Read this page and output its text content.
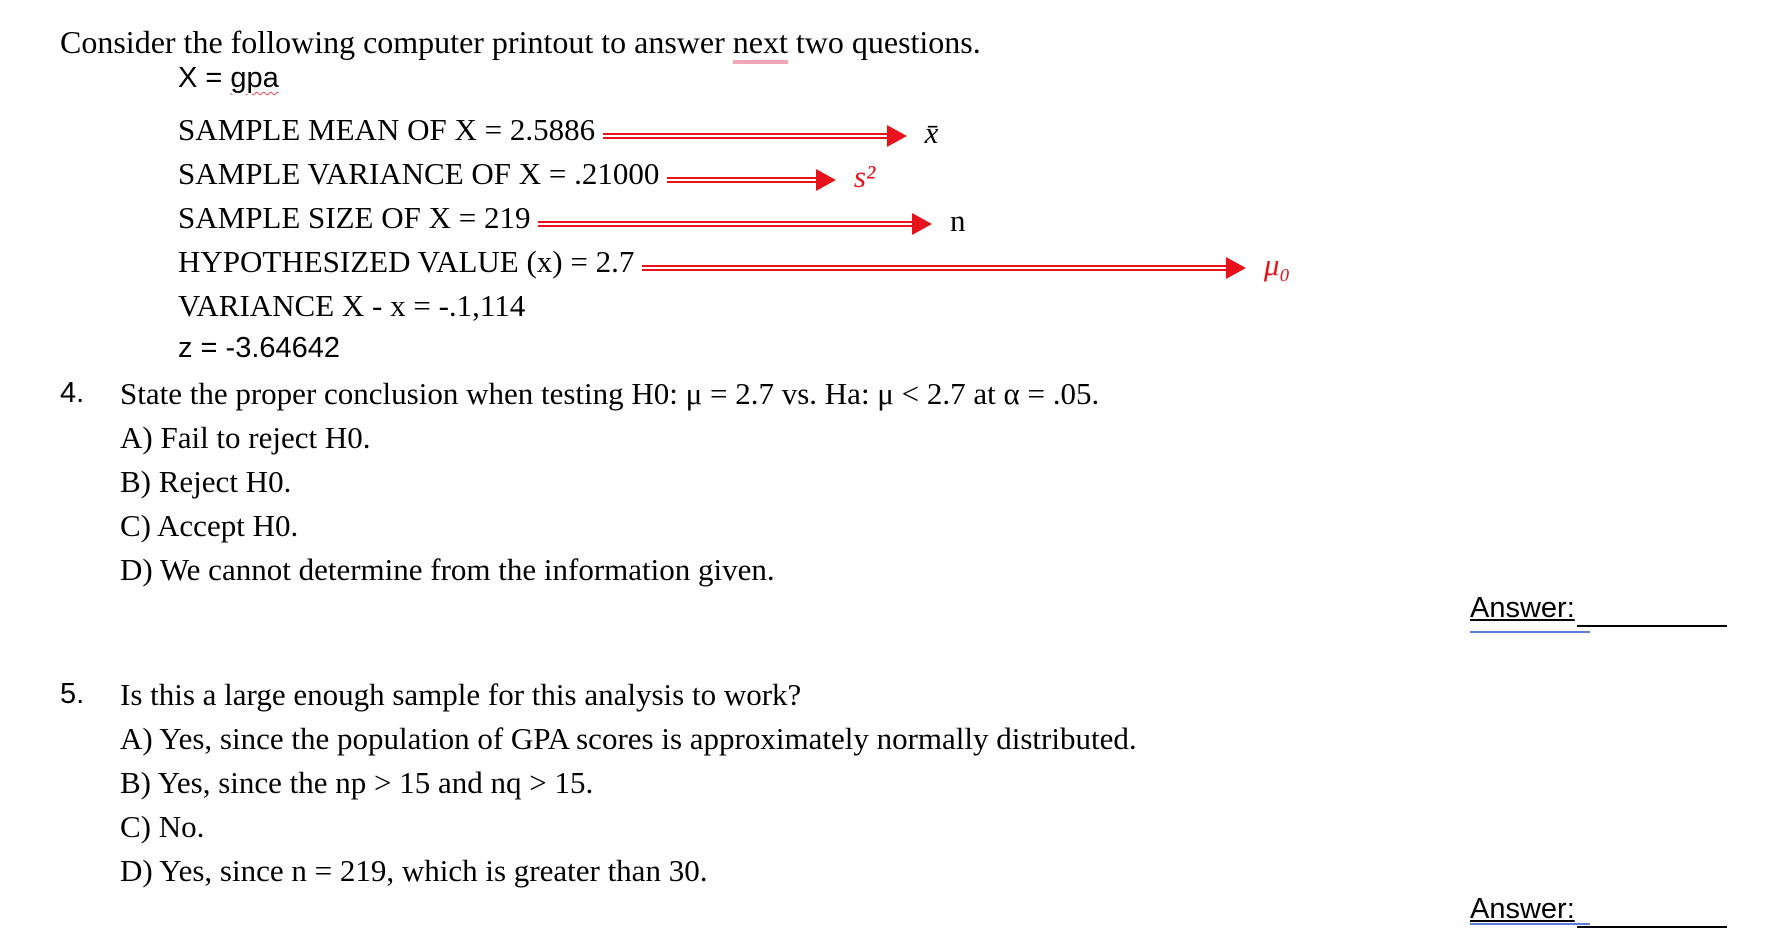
Consider the following computer printout to answer next two questions.
X = gpa
SAMPLE MEAN OF X = 2.5886	x̄
SAMPLE VARIANCE OF X = .21000	s²
SAMPLE SIZE OF X = 219	n
HYPOTHESIZED VALUE (x) = 2.7	μ₀
VARIANCE X - x = -.1,114
z = -3.64642
4. State the proper conclusion when testing H0: μ = 2.7 vs. Ha: μ < 2.7 at α = .05.
A) Fail to reject H0.
B) Reject H0.
C) Accept H0.
D) We cannot determine from the information given.
Answer:
5. Is this a large enough sample for this analysis to work?
A) Yes, since the population of GPA scores is approximately normally distributed.
B) Yes, since the np > 15 and nq > 15.
C) No.
D) Yes, since n = 219, which is greater than 30.
Answer:
